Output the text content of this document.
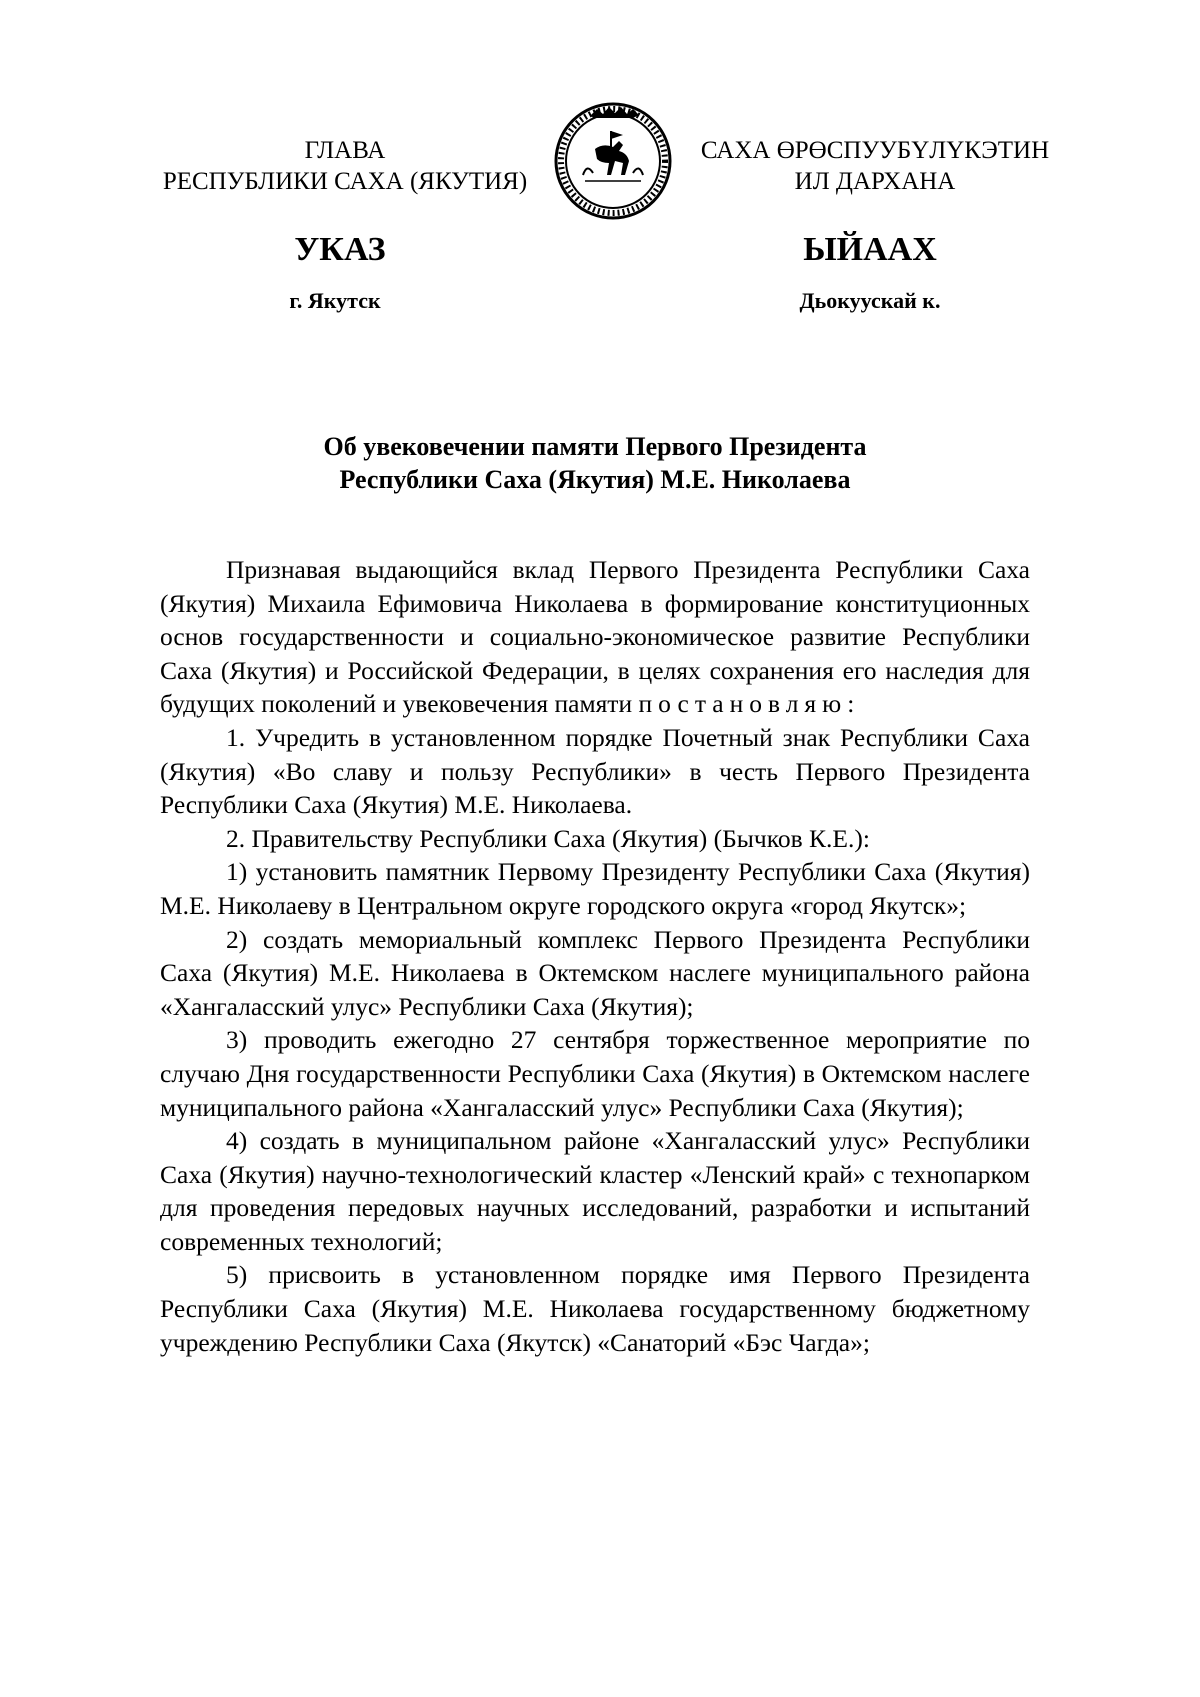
ГЛАВА
РЕСПУБЛИКИ САХА (ЯКУТИЯ)
САХА ӨРӨСПУУБҮЛҮКЭТИН
ИЛ ДАРХАНА
УКАЗ	ЫЙААХ
г. Якутск	Дьокуускай к.
Об увековечении памяти Первого Президента
Республики Саха (Якутия) М.Е. Николаева

Признавая выдающийся вклад Первого Президента Республики Саха (Якутия) Михаила Ефимовича Николаева в формирование конституционных основ государственности и социально-экономическое развитие Республики Саха (Якутия) и Российской Федерации, в целях сохранения его наследия для будущих поколений и увековечения памяти постановляю:

1. Учредить в установленном порядке Почетный знак Республики Саха (Якутия) «Во славу и пользу Республики» в честь Первого Президента Республики Саха (Якутия) М.Е. Николаева.

2. Правительству Республики Саха (Якутия) (Бычков К.Е.):

1) установить памятник Первому Президенту Республики Саха (Якутия) М.Е. Николаеву в Центральном округе городского округа «город Якутск»;

2) создать мемориальный комплекс Первого Президента Республики Саха (Якутия) М.Е. Николаева в Октемском наслеге муниципального района «Хангаласский улус» Республики Саха (Якутия);

3) проводить ежегодно 27 сентября торжественное мероприятие по случаю Дня государственности Республики Саха (Якутия) в Октемском наслеге муниципального района «Хангаласский улус» Республики Саха (Якутия);

4) создать в муниципальном районе «Хангаласский улус» Республики Саха (Якутия) научно-технологический кластер «Ленский край» с технопарком для проведения передовых научных исследований, разработки и испытаний современных технологий;

5) присвоить в установленном порядке имя Первого Президента Республики Саха (Якутия) М.Е. Николаева государственному бюджетному учреждению Республики Саха (Якутск) «Санаторий «Бэс Чагда»;
